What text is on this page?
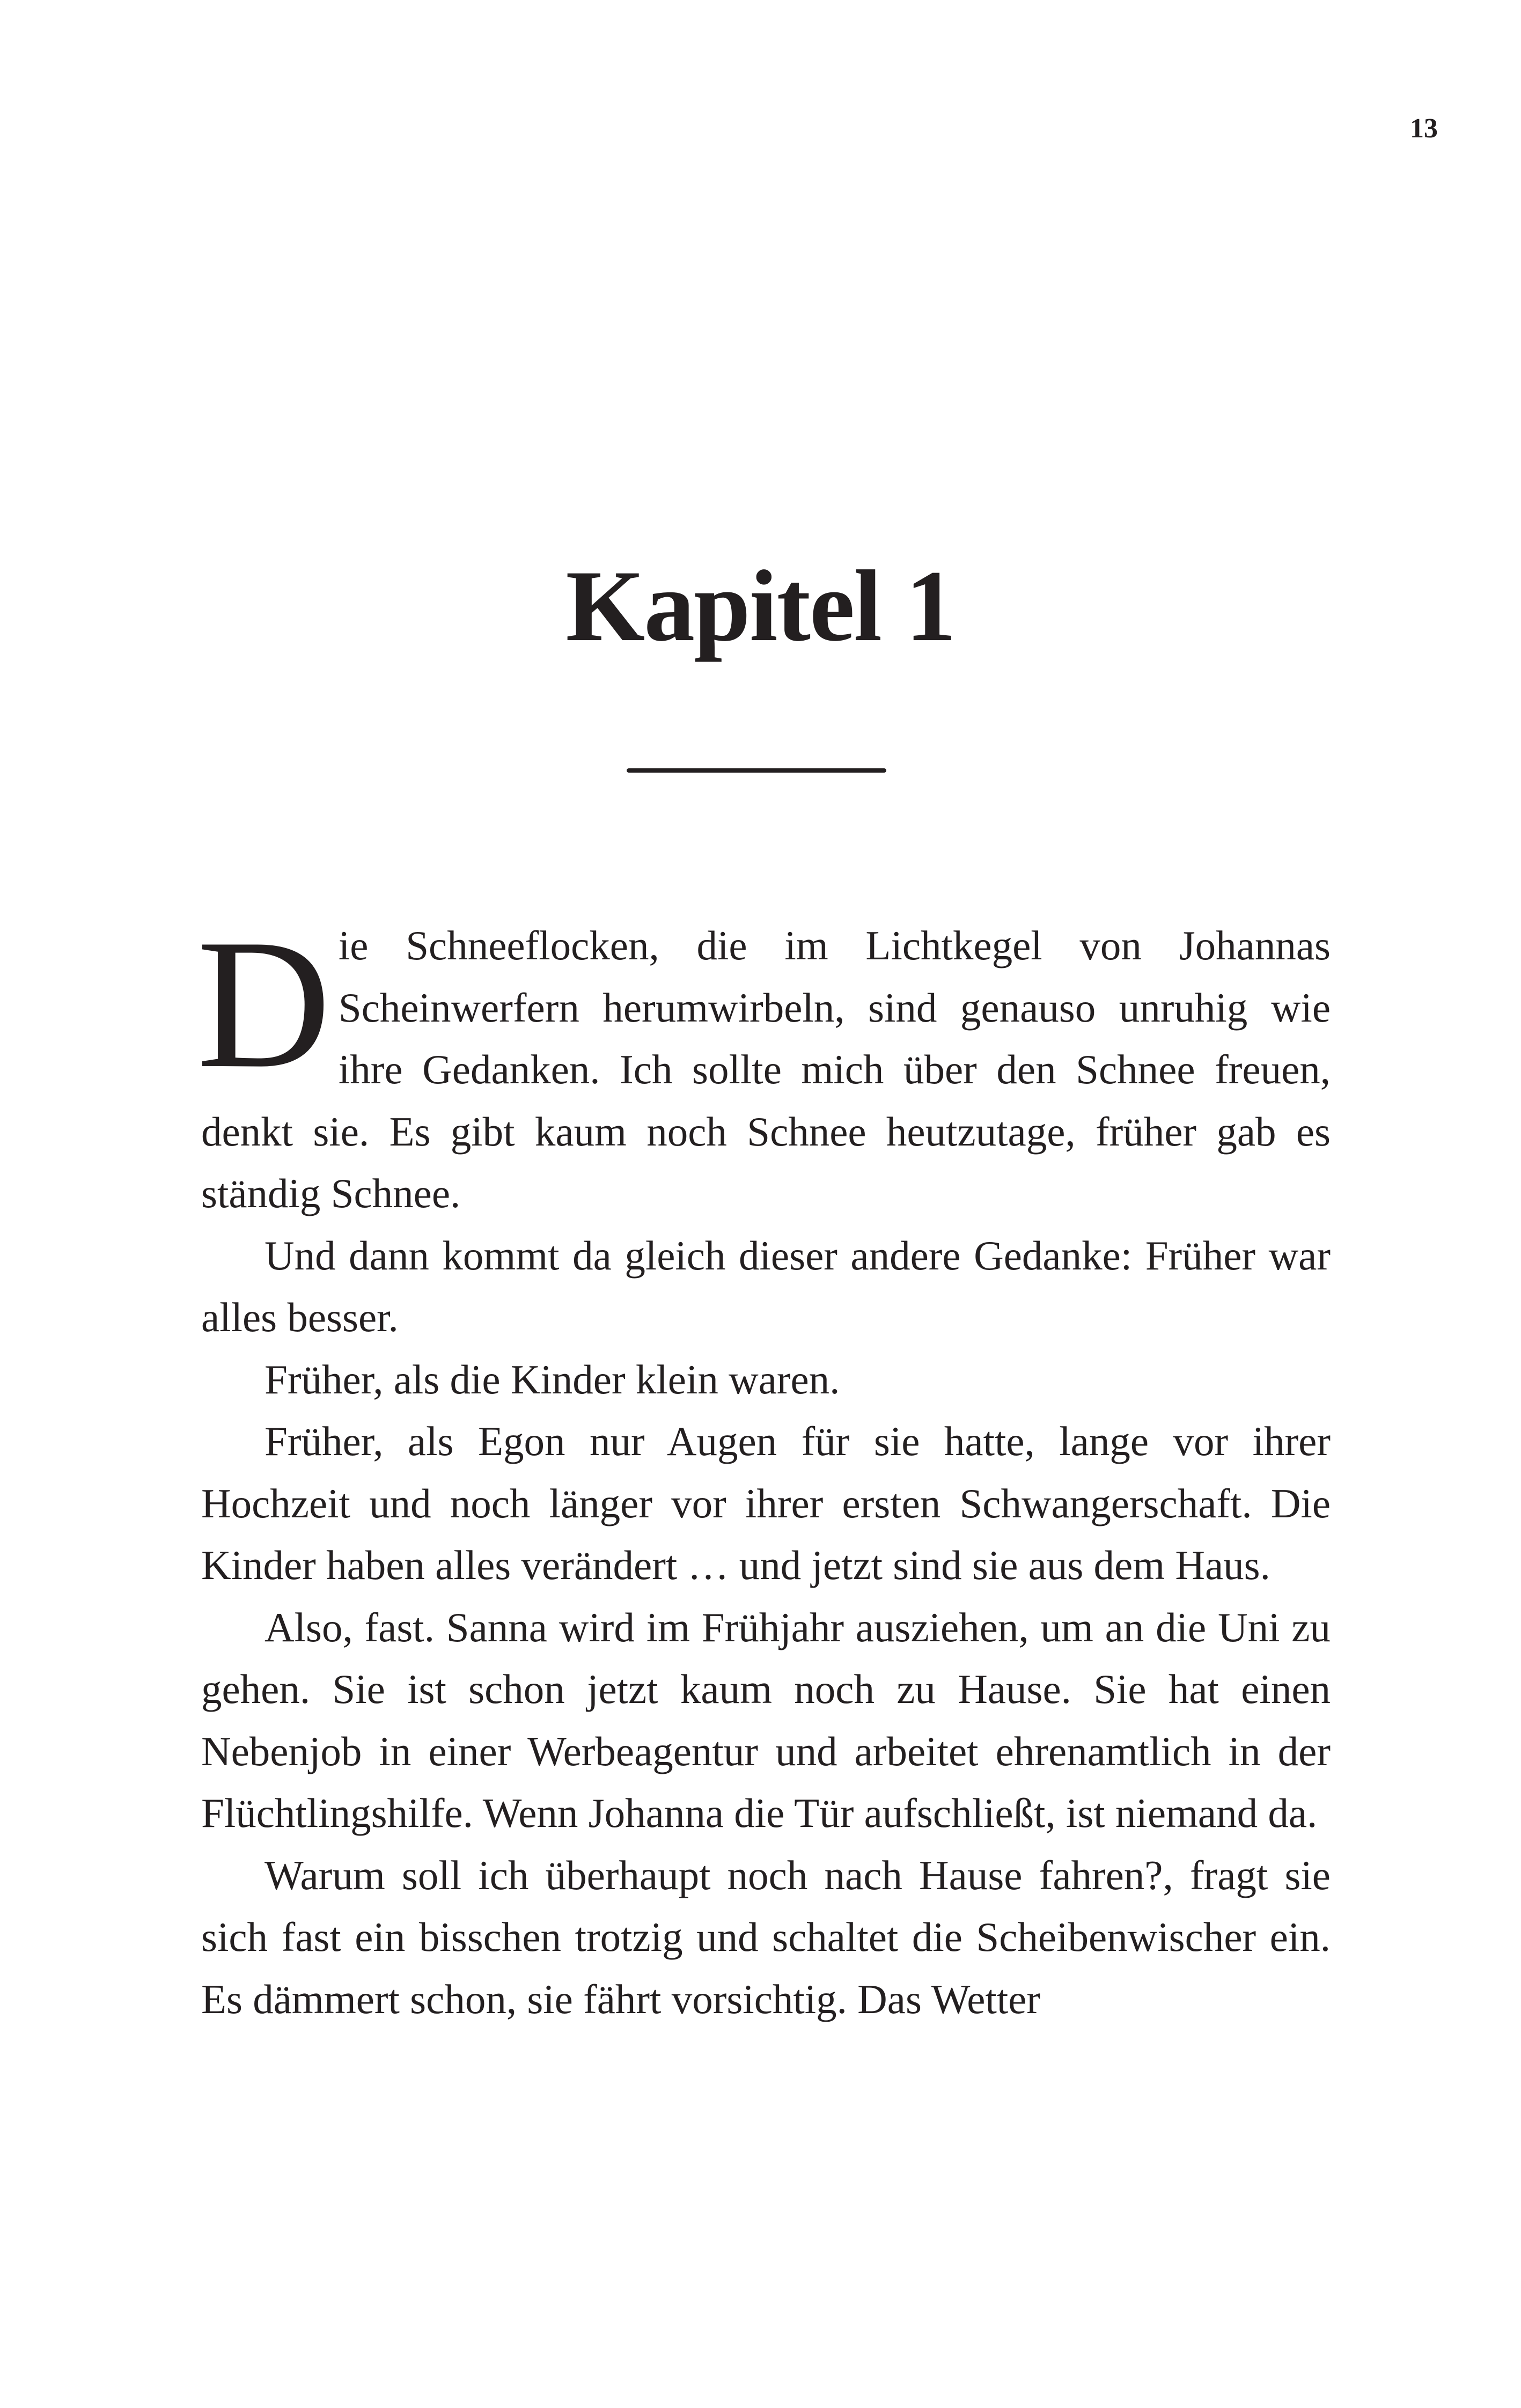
13
Kapitel 1

Die Schneeflocken, die im Lichtkegel von Johannas Scheinwerfern herumwirbeln, sind genauso unruhig wie ihre Gedanken. Ich sollte mich über den Schnee freuen, denkt sie. Es gibt kaum noch Schnee heutzutage, früher gab es ständig Schnee.

Und dann kommt da gleich dieser andere Gedanke: Früher war alles besser.

Früher, als die Kinder klein waren.

Früher, als Egon nur Augen für sie hatte, lange vor ihrer Hochzeit und noch länger vor ihrer ersten Schwangerschaft. Die Kinder haben alles verändert … und jetzt sind sie aus dem Haus.

Also, fast. Sanna wird im Frühjahr ausziehen, um an die Uni zu gehen. Sie ist schon jetzt kaum noch zu Hause. Sie hat einen Nebenjob in einer Werbeagentur und arbeitet ehrenamtlich in der Flüchtlingshilfe. Wenn Johanna die Tür aufschließt, ist niemand da.

Warum soll ich überhaupt noch nach Hause fahren?, fragt sie sich fast ein bisschen trotzig und schaltet die Scheibenwischer ein. Es dämmert schon, sie fährt vorsichtig. Das Wetter
